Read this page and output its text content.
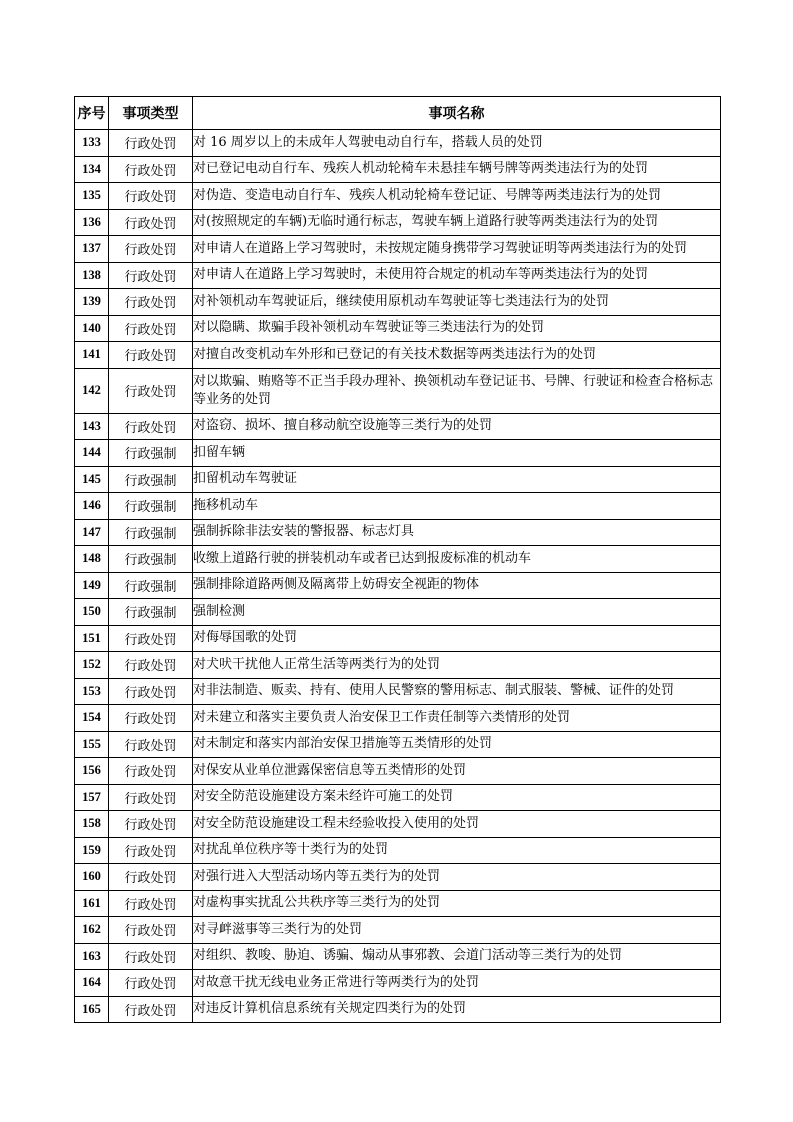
序号	事项类型	事项名称
133	行政处罚	对 16 周岁以上的未成年人驾驶电动自行车，搭载人员的处罚
134	行政处罚	对已登记电动自行车、残疾人机动轮椅车未悬挂车辆号牌等两类违法行为的处罚
135	行政处罚	对伪造、变造电动自行车、残疾人机动轮椅车登记证、号牌等两类违法行为的处罚
136	行政处罚	对(按照规定的车辆)无临时通行标志，驾驶车辆上道路行驶等两类违法行为的处罚
137	行政处罚	对申请人在道路上学习驾驶时，未按规定随身携带学习驾驶证明等两类违法行为的处罚
138	行政处罚	对申请人在道路上学习驾驶时，未使用符合规定的机动车等两类违法行为的处罚
139	行政处罚	对补领机动车驾驶证后，继续使用原机动车驾驶证等七类违法行为的处罚
140	行政处罚	对以隐瞒、欺骗手段补领机动车驾驶证等三类违法行为的处罚
141	行政处罚	对擅自改变机动车外形和已登记的有关技术数据等两类违法行为的处罚
142	行政处罚	对以欺骗、贿赂等不正当手段办理补、换领机动车登记证书、号牌、行驶证和检查合格标志等业务的处罚
143	行政处罚	对盗窃、损坏、擅自移动航空设施等三类行为的处罚
144	行政强制	扣留车辆
145	行政强制	扣留机动车驾驶证
146	行政强制	拖移机动车
147	行政强制	强制拆除非法安装的警报器、标志灯具
148	行政强制	收缴上道路行驶的拼装机动车或者已达到报废标准的机动车
149	行政强制	强制排除道路两侧及隔离带上妨碍安全视距的物体
150	行政强制	强制检测
151	行政处罚	对侮辱国歌的处罚
152	行政处罚	对犬吠干扰他人正常生活等两类行为的处罚
153	行政处罚	对非法制造、贩卖、持有、使用人民警察的警用标志、制式服装、警械、证件的处罚
154	行政处罚	对未建立和落实主要负责人治安保卫工作责任制等六类情形的处罚
155	行政处罚	对未制定和落实内部治安保卫措施等五类情形的处罚
156	行政处罚	对保安从业单位泄露保密信息等五类情形的处罚
157	行政处罚	对安全防范设施建设方案未经许可施工的处罚
158	行政处罚	对安全防范设施建设工程未经验收投入使用的处罚
159	行政处罚	对扰乱单位秩序等十类行为的处罚
160	行政处罚	对强行进入大型活动场内等五类行为的处罚
161	行政处罚	对虚构事实扰乱公共秩序等三类行为的处罚
162	行政处罚	对寻衅滋事等三类行为的处罚
163	行政处罚	对组织、教唆、胁迫、诱骗、煽动从事邪教、会道门活动等三类行为的处罚
164	行政处罚	对故意干扰无线电业务正常进行等两类行为的处罚
165	行政处罚	对违反计算机信息系统有关规定四类行为的处罚
